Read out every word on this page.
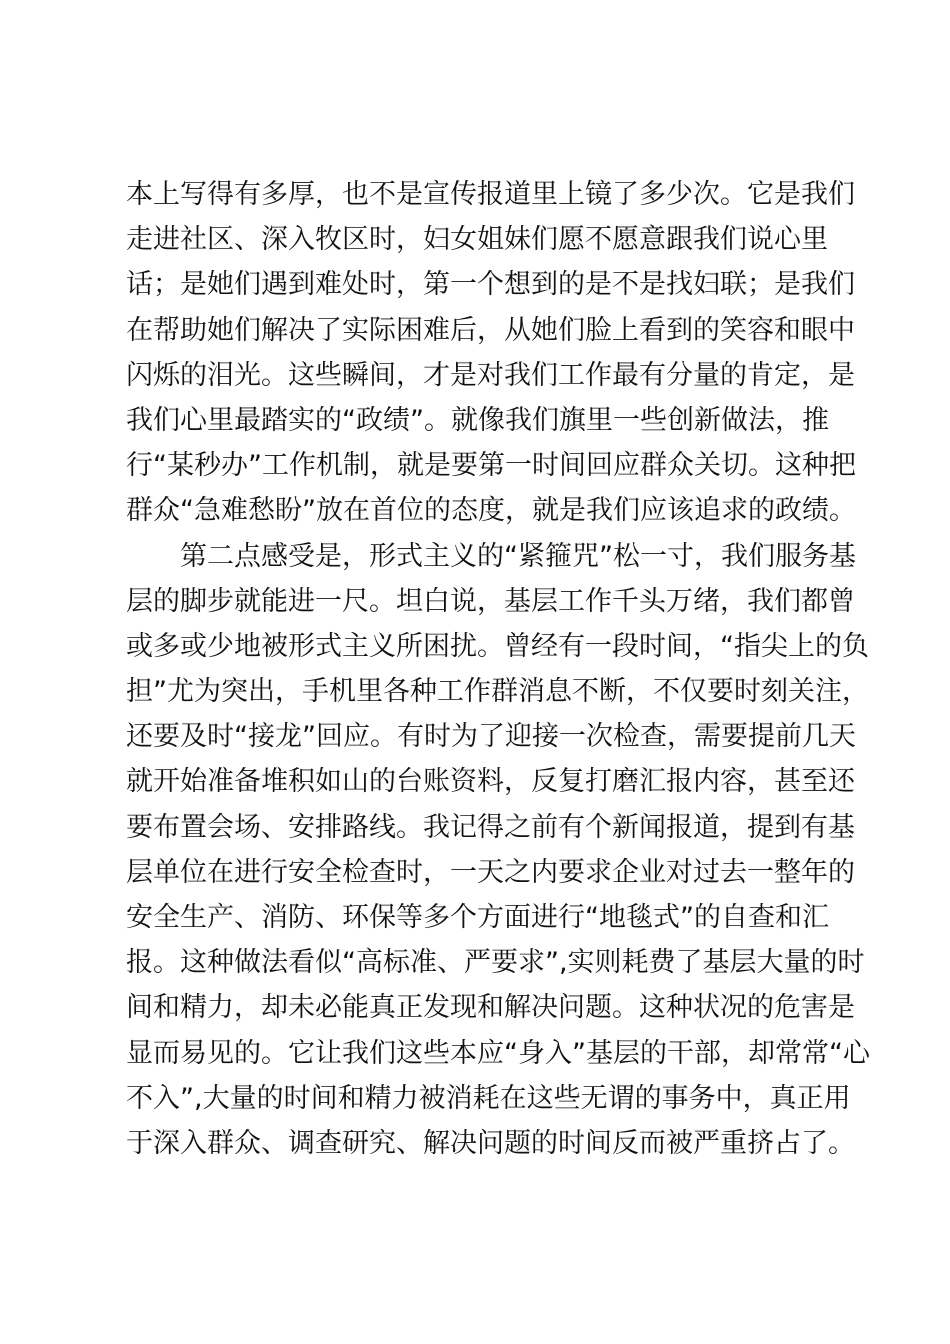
本上写得有多厚，也不是宣传报道里上镜了多少次。它是我们
走进社区、深入牧区时，妇女姐妹们愿不愿意跟我们说心里
话；是她们遇到难处时，第一个想到的是不是找妇联；是我们
在帮助她们解决了实际困难后，从她们脸上看到的笑容和眼中
闪烁的泪光。这些瞬间，才是对我们工作最有分量的肯定，是
我们心里最踏实的“政绩”。就像我们旗里一些创新做法，推
行“某秒办”工作机制，就是要第一时间回应群众关切。这种把
群众“急难愁盼”放在首位的态度，就是我们应该追求的政绩。
　　第二点感受是，形式主义的“紧箍咒”松一寸，我们服务基
层的脚步就能进一尺。坦白说，基层工作千头万绪，我们都曾
或多或少地被形式主义所困扰。曾经有一段时间，“指尖上的负
担”尤为突出，手机里各种工作群消息不断，不仅要时刻关注，
还要及时“接龙”回应。有时为了迎接一次检查，需要提前几天
就开始准备堆积如山的台账资料，反复打磨汇报内容，甚至还
要布置会场、安排路线。我记得之前有个新闻报道，提到有基
层单位在进行安全检查时，一天之内要求企业对过去一整年的
安全生产、消防、环保等多个方面进行“地毯式”的自查和汇
报。这种做法看似“高标准、严要求”,实则耗费了基层大量的时
间和精力，却未必能真正发现和解决问题。这种状况的危害是
显而易见的。它让我们这些本应“身入”基层的干部，却常常“心
不入”,大量的时间和精力被消耗在这些无谓的事务中，真正用
于深入群众、调查研究、解决问题的时间反而被严重挤占了。
